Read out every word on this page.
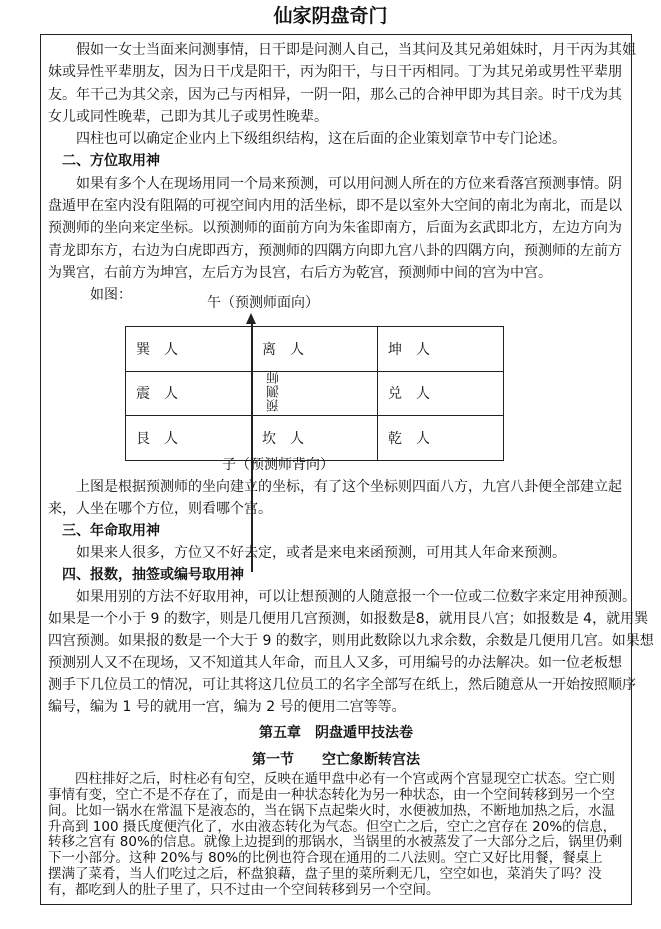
仙家阴盘奇门
　　假如一女士当面来问测事情，日干即是问测人自己，当其问及其兄弟姐妹时，月干丙为其姐
妹或异性平辈朋友，因为日干戊是阳干，丙为阳干，与日干丙相同。丁为其兄弟或男性平辈朋
友。年干己为其父亲，因为己与丙相异，一阴一阳，那么己的合神甲即为其目亲。时干戊为其
女儿或同性晚辈，己即为其儿子或男性晚辈。
　　四柱也可以确定企业内上下级组织结构，这在后面的企业策划章节中专门论述。
　二、方位取用神
　　如果有多个人在现场用同一个局来预测，可以用问测人所在的方位来看落宫预测事情。阴
盘遁甲在室内没有阻隔的可视空间内用的活坐标，即不是以室外大空间的南北为南北，而是以
预测师的坐向来定坐标。以预测师的面前方向为朱雀即南方，后面为玄武即北方，左边方向为
青龙即东方，右边为白虎即西方，预测师的四隅方向即九宫八卦的四隅方向，预测师的左前方
为巽宫，右前方为坤宫，左后方为艮宫，右后方为乾宫，预测师中间的宫为中宫。
　　　如图：	午（预测师面向）
巽　人	离　人	坤　人
震　人		兑　人
艮　人	坎　人	乾　人
预测师
子（预测师背向）
　　上图是根据预测师的坐向建立的坐标，有了这个坐标则四面八方，九宫八卦便全部建立起
来，人坐在哪个方位，则看哪个宫。
　三、年命取用神
　　如果来人很多，方位又不好去定，或者是来电来函预测，可用其人年命来预测。
　四、报数，抽签或编号取用神
　　如果用别的方法不好取用神，可以让想预测的人随意报一个一位或二位数字来定用神预测。
如果是一个小于 9 的数字，则是几便用几宫预测，如报数是8，就用艮八宫；如报数是 4，就用巽
四宫预测。如果报的数是一个大于 9 的数字，则用此数除以九求余数，余数是几便用几宫。如果想
预测别人又不在现场，又不知道其人年命，而且人又多，可用编号的办法解决。如一位老板想
测手下几位员工的情况，可让其将这几位员工的名字全部写在纸上，然后随意从一开始按照顺序
编号，编为 1 号的就用一宫，编为 2 号的便用二宫等等。
第五章　阴盘遁甲技法卷
第一节　　空亡象断转宫法
　　四柱排好之后，时柱必有旬空，反映在遁甲盘中必有一个宫或两个宫显现空亡状态。空亡则
事情有变，空亡不是不存在了，而是由一种状态转化为另一种状态，由一个空间转移到另一个空
间。比如一锅水在常温下是液态的，当在锅下点起柴火时，水便被加热，不断地加热之后，水温
升高到 100 摄氏度便汽化了，水由液态转化为气态。但空亡之后，空亡之宫存在 20%的信息，
转移之宫有 80%的信息。就像上边提到的那锅水，当锅里的水被蒸发了一大部分之后，锅里仍剩
下一小部分。这种 20%与 80%的比例也符合现在通用的二八法则。空亡又好比用餐，餐桌上
摆满了菜肴，当人们吃过之后，杯盘狼藉，盘子里的菜所剩无几，空空如也，菜消失了吗？没
有，都吃到人的肚子里了，只不过由一个空间转移到另一个空间。
